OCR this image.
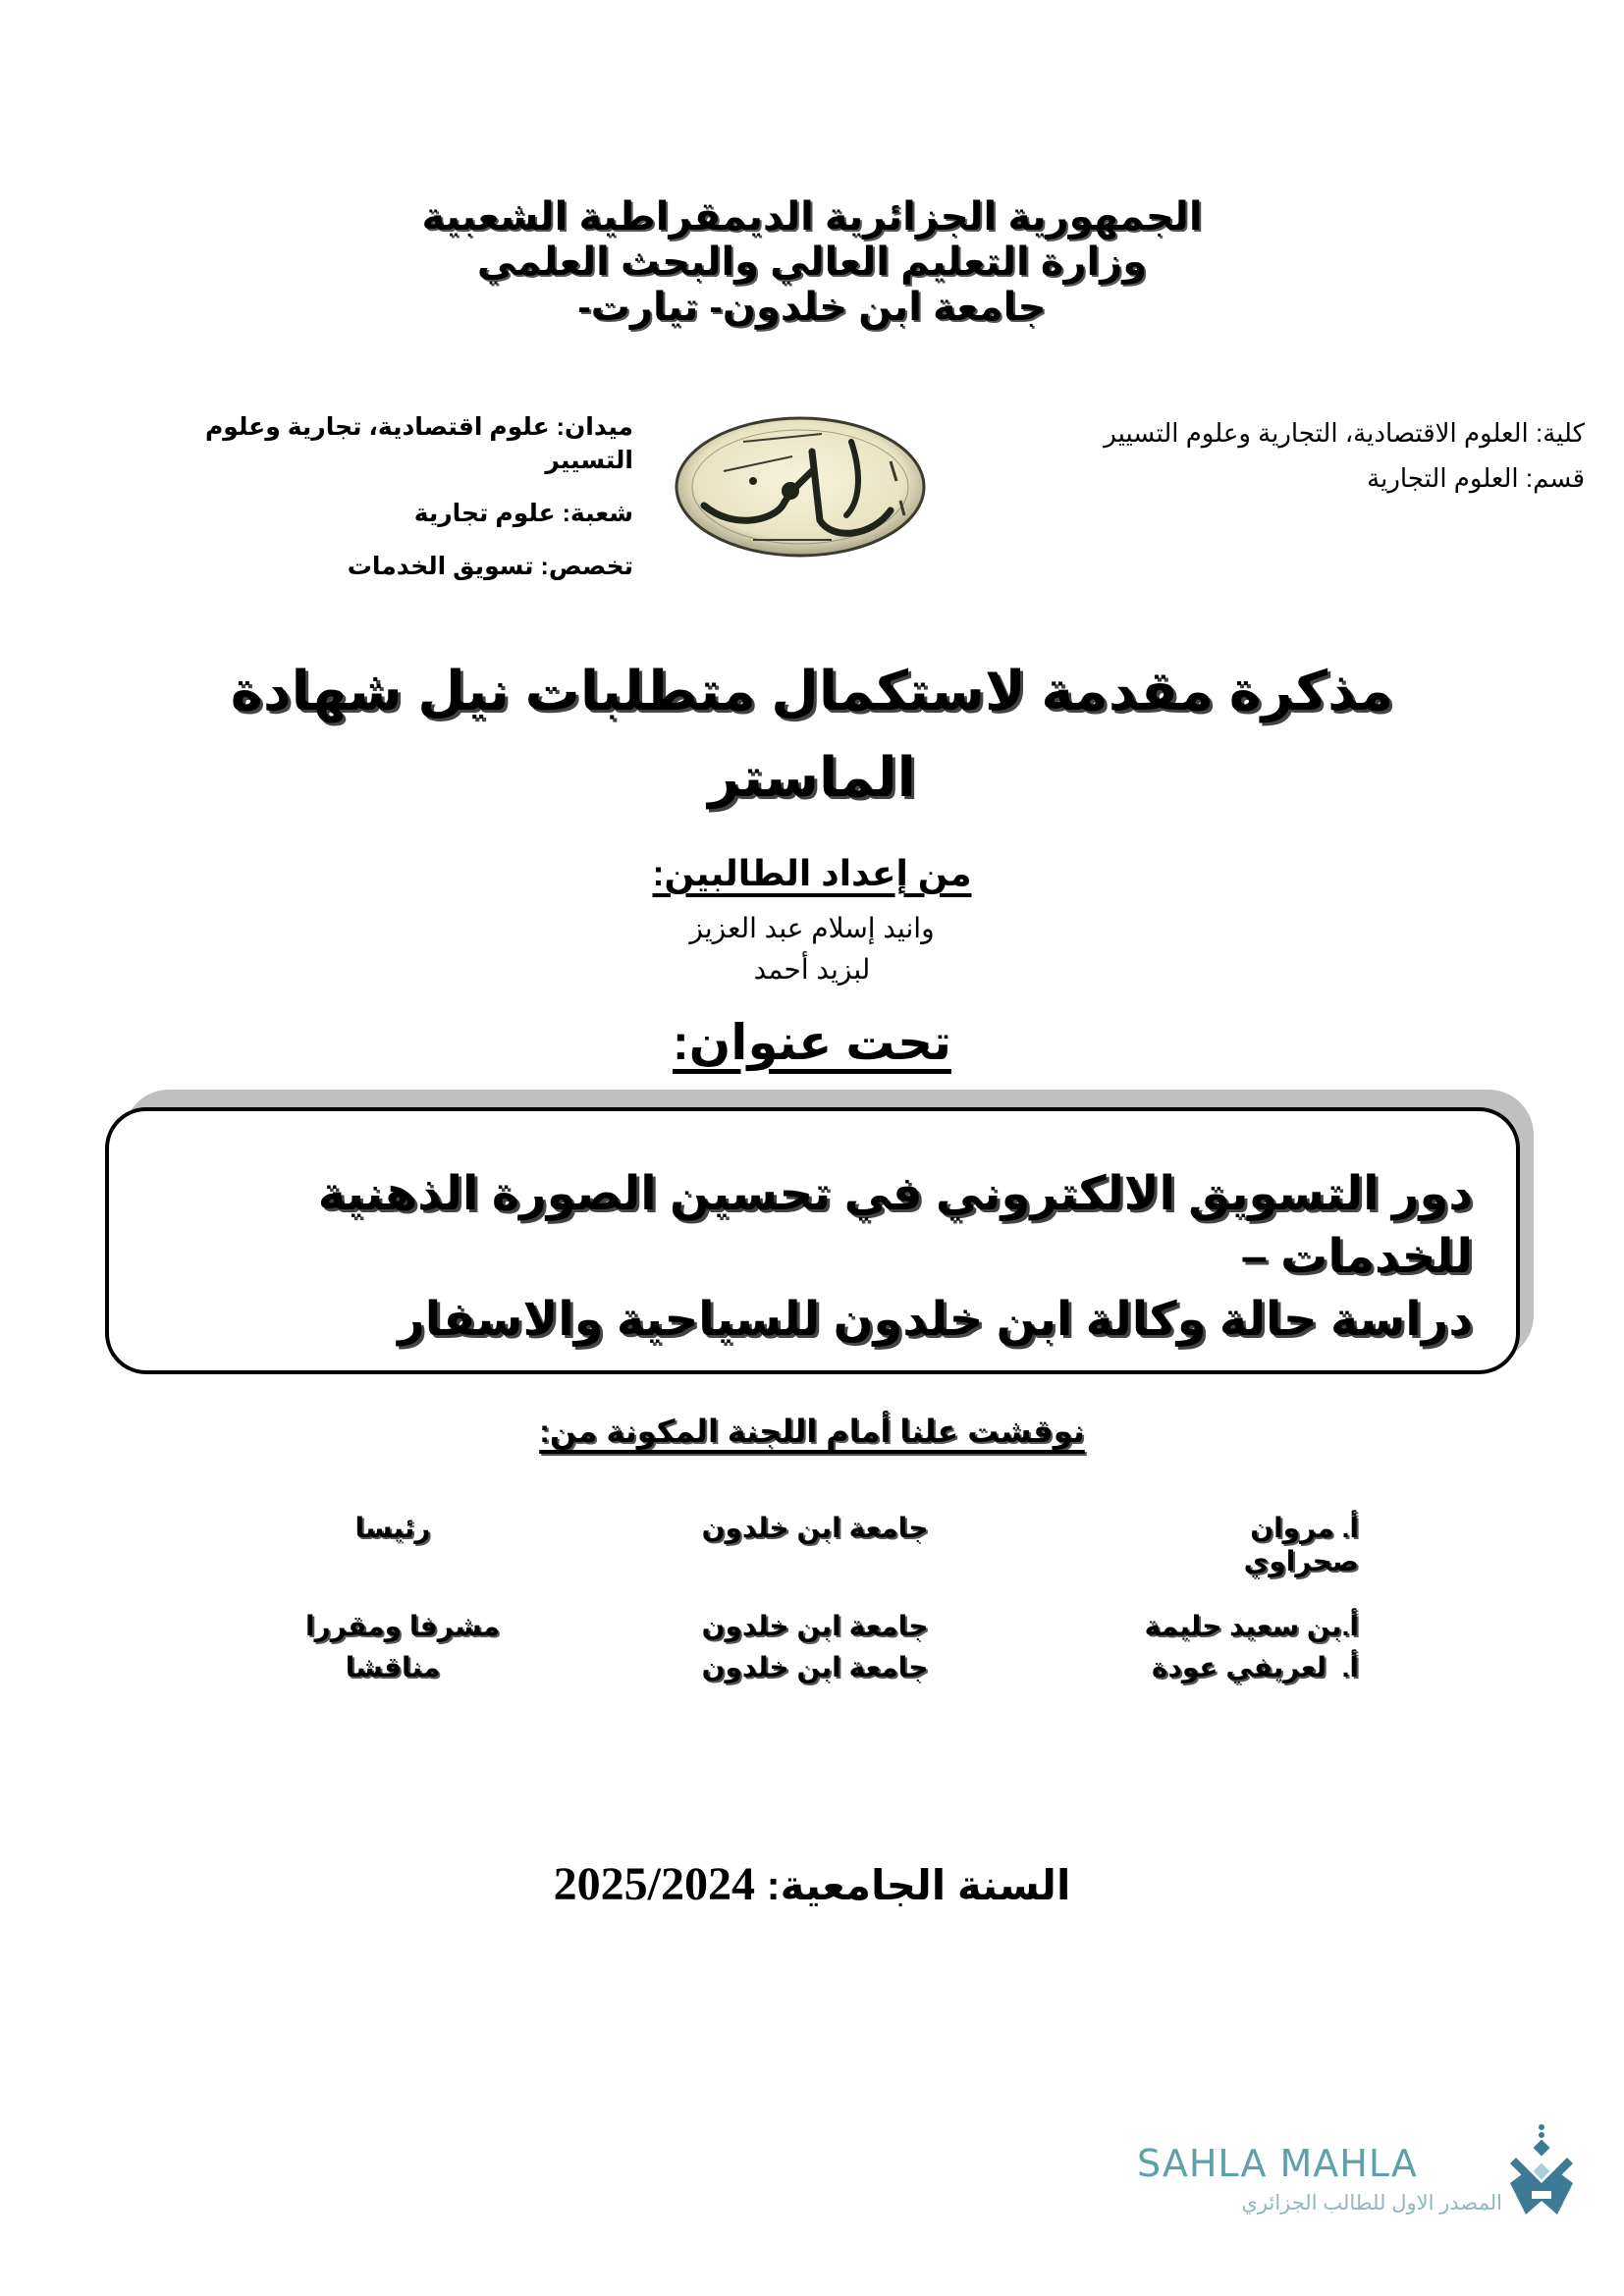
الجمهورية الجزائرية الديمقراطية الشعبية
وزارة التعليم العالي والبحث العلمي
جامعة ابن خلدون- تيارت-
كلية: العلوم الاقتصادية، التجارية وعلوم التسيير
قسم: العلوم التجارية
ميدان: علوم اقتصادية، تجارية وعلوم التسيير
شعبة: علوم تجارية
تخصص: تسويق الخدمات
مذكرة مقدمة لاستكمال متطلبات نيل شهادة
الماستر
من إعداد الطالبين:
وانيد إسلام عبد العزيز
لبزيد أحمد
تحت عنوان:
دور التسويق الالكتروني في تحسين الصورة الذهنية للخدمات –
دراسة حالة وكالة ابن خلدون للسياحية والاسفار
نوقشت علنا أمام اللجنة المكونة من:
أ. مروان صحراوي
جامعة ابن خلدون
رئيسا
أ.بن سعيد حليمة
جامعة ابن خلدون
مشرفا ومقررا
أ.  لعريفي عودة
جامعة ابن خلدون
مناقشا
السنة الجامعية: 2025/2024
SAHLA MAHLA
المصدر الاول للطالب الجزائري
